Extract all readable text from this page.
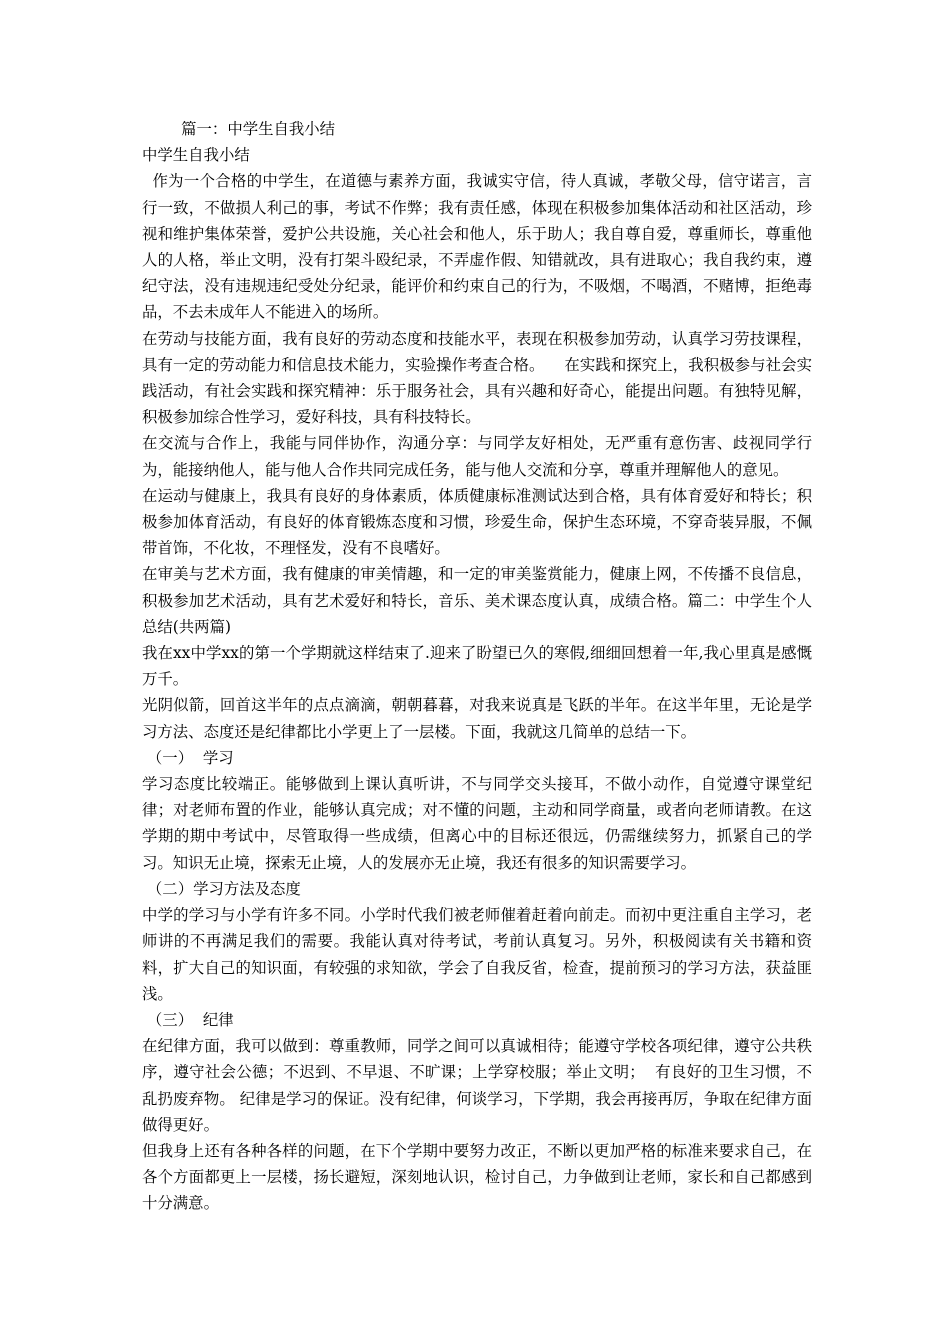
篇一：中学生自我小结

中学生自我小结

作为一个合格的中学生，在道德与素养方面，我诚实守信，待人真诚，孝敬父母，信守诺言，言行一致，不做损人利己的事，考试不作弊；我有责任感，体现在积极参加集体活动和社区活动，珍视和维护集体荣誉，爱护公共设施，关心社会和他人，乐于助人；我自尊自爱，尊重师长，尊重他人的人格，举止文明，没有打架斗殴纪录，不弄虚作假、知错就改，具有进取心；我自我约束，遵纪守法，没有违规违纪受处分纪录，能评价和约束自己的行为，不吸烟，不喝酒，不赌博，拒绝毒品，不去未成年人不能进入的场所。

在劳动与技能方面，我有良好的劳动态度和技能水平，表现在积极参加劳动，认真学习劳技课程，具有一定的劳动能力和信息技术能力，实验操作考查合格。    在实践和探究上，我积极参与社会实践活动，有社会实践和探究精神：乐于服务社会，具有兴趣和好奇心，能提出问题。有独特见解，积极参加综合性学习，爱好科技，具有科技特长。

在交流与合作上，我能与同伴协作，沟通分享：与同学友好相处，无严重有意伤害、歧视同学行为，能接纳他人，能与他人合作共同完成任务，能与他人交流和分享，尊重并理解他人的意见。

在运动与健康上，我具有良好的身体素质，体质健康标准测试达到合格，具有体育爱好和特长；积极参加体育活动，有良好的体育锻炼态度和习惯，珍爱生命，保护生态环境，不穿奇装异服，不佩带首饰，不化妆，不理怪发，没有不良嗜好。

在审美与艺术方面，我有健康的审美情趣，和一定的审美鉴赏能力，健康上网，不传播不良信息，积极参加艺术活动，具有艺术爱好和特长，音乐、美术课态度认真，成绩合格。篇二：中学生个人总结(共两篇)

我在xx中学xx的第一个学期就这样结束了.迎来了盼望已久的寒假,细细回想着一年,我心里真是感慨万千。

光阴似箭，回首这半年的点点滴滴，朝朝暮暮，对我来说真是飞跃的半年。在这半年里，无论是学习方法、态度还是纪律都比小学更上了一层楼。下面，我就这几简单的总结一下。

（一）  学习

学习态度比较端正。能够做到上课认真听讲，不与同学交头接耳，不做小动作，自觉遵守课堂纪律；对老师布置的作业，能够认真完成；对不懂的问题，主动和同学商量，或者向老师请教。在这学期的期中考试中，尽管取得一些成绩，但离心中的目标还很远，仍需继续努力，抓紧自己的学习。知识无止境，探索无止境，人的发展亦无止境，我还有很多的知识需要学习。

（二）学习方法及态度

中学的学习与小学有许多不同。小学时代我们被老师催着赶着向前走。而初中更注重自主学习，老师讲的不再满足我们的需要。我能认真对待考试，考前认真复习。另外，积极阅读有关书籍和资料，扩大自己的知识面，有较强的求知欲，学会了自我反省，检查，提前预习的学习方法，获益匪浅。

（三）  纪律

在纪律方面，我可以做到：尊重教师，同学之间可以真诚相待；能遵守学校各项纪律，遵守公共秩序，遵守社会公德；不迟到、不早退、不旷课；上学穿校服；举止文明；  有良好的卫生习惯，不乱扔废弃物。 纪律是学习的保证。没有纪律，何谈学习，下学期，我会再接再厉，争取在纪律方面做得更好。

但我身上还有各种各样的问题，在下个学期中要努力改正，不断以更加严格的标准来要求自己，在各个方面都更上一层楼，扬长避短，深刻地认识，检讨自己，力争做到让老师，家长和自己都感到十分满意。
